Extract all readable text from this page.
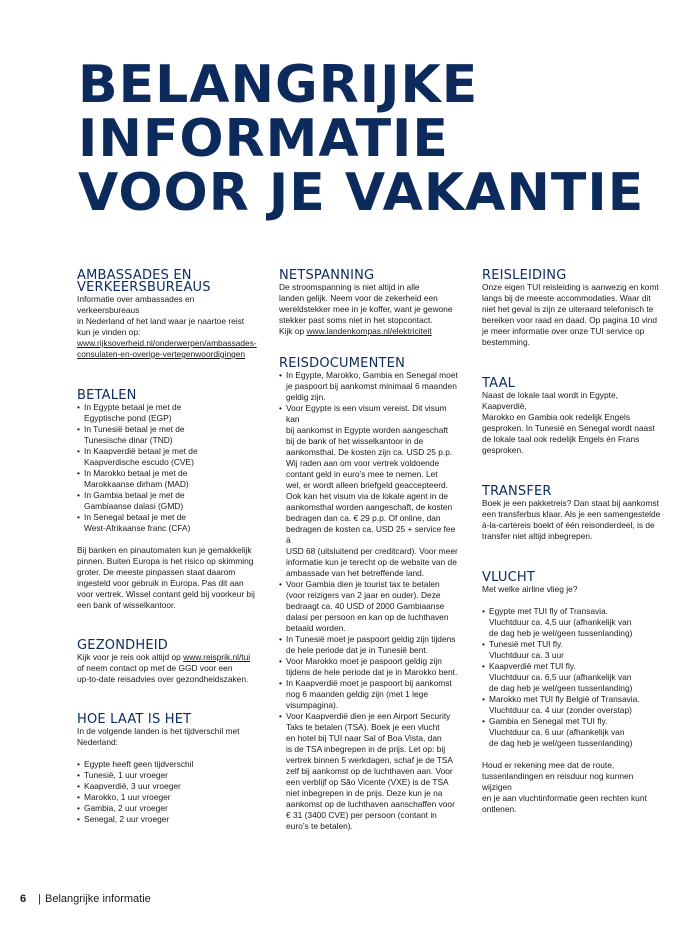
BELANGRIJKE
INFORMATIE
VOOR JE VAKANTIE
AMBASSADES EN
VERKEERSBUREAUS

Informatie over ambassades en verkeersbureaus
in Nederland of het land waar je naartoe reist
kun je vinden op:
www.rijksoverheid.nl/onderwerpen/ambassades-
consulaten-en-overige-vertegenwoordigingen

BETALEN
• In Egypte betaal je met de
Egyptische pond (EGP)
• In Tunesië betaal je met de
Tunesische dinar (TND)
• In Kaapverdië betaal je met de
Kaapverdische escudo (CVE)
• In Marokko betaal je met de
Marokkaanse dirham (MAD)
• In Gambia betaal je met de
Gambiaanse dalasi (GMD)
• In Senegal betaal je met de
West-Afrikaanse franc (CFA)

Bij banken en pinautomaten kun je gemakkelijk
pinnen. Buiten Europa is het risico op skimming
groter. De meeste pinpassen staat daarom
ingesteld voor gebruik in Europa. Pas dit aan
voor vertrek. Wissel contant geld bij voorkeur bij
een bank of wisselkantoor.

GEZONDHEID

Kijk voor je reis ook altijd op www.reisprik.nl/tui
of neem contact op met de GGD voor een
up-to-date reisadvies over gezondheidszaken.

HOE LAAT IS HET

In de volgende landen is het tijdverschil met
Nederland:

• Egypte heeft geen tijdverschil
• Tunesië, 1 uur vroeger
• Kaapverdië, 3 uur vroeger
• Marokko, 1 uur vroeger
• Gambia, 2 uur vroeger
• Senegal, 2 uur vroeger
NETSPANNING

De stroomspanning is niet altijd in alle
landen gelijk. Neem voor de zekerheid een
wereldstekker mee in je koffer, want je gewone
stekker past soms niet in het stopcontact.
Kijk op www.landenkompas.nl/elektriciteit

REISDOCUMENTEN
• In Egypte, Marokko, Gambia en Senegal moet
je paspoort bij aankomst minimaal 6 maanden
geldig zijn.
• Voor Egypte is een visum vereist. Dit visum kan
bij aankomst in Egypte worden aangeschaft
bij de bank of het wisselkantoor in de
aankomsthal. De kosten zijn ca. USD 25 p.p.
Wij raden aan om voor vertrek voldoende
contant geld in euro’s mee te nemen. Let
wel, er wordt alleen briefgeld geaccepteerd.
Ook kan het visum via de lokale agent in de
aankomsthal worden aangeschaft, de kosten
bedragen dan ca. € 29 p.p. Of online, dan
bedragen de kosten ca. USD 25 + service fee à
USD 68 (uitsluitend per creditcard). Voor meer
informatie kun je terecht op de website van de
ambassade van het betreffende land.
• Voor Gambia dien je tourist tax te betalen
(voor reizigers van 2 jaar en ouder). Deze
bedraagt ca. 40 USD of 2000 Gambiaanse
dalasi per persoon en kan op de luchthaven
betaald worden.
• In Tunesië moet je paspoort geldig zijn tijdens
de hele periode dat je in Tunesië bent.
• Voor Marokko moet je paspoort geldig zijn
tijdens de hele periode dat je in Marokko bent.
• In Kaapverdië moet je paspoort bij aankomst
nog 6 maanden geldig zijn (met 1 lege
visumpagina).
• Voor Kaapverdië dien je een Airport Security
Taks te betalen (TSA). Boek je een vlucht
en hotel bij TUI naar Sal of Boa Vista, dan
is de TSA inbegrepen in de prijs. Let op: bij
vertrek binnen 5 werkdagen, schaf je de TSA
zelf bij aankomst op de luchthaven aan. Voor
een verblijf op São Vicente (VXE) is de TSA
niet inbegrepen in de prijs. Deze kun je na
aankomst op de luchthaven aanschaffen voor
€ 31 (3400 CVE) per persoon (contant in
euro’s te betalen).
REISLEIDING

Onze eigen TUI reisleiding is aanwezig en komt
langs bij de meeste accommodaties. Waar dit
niet het geval is zijn ze uiteraard telefonisch te
bereiken voor raad en daad. Op pagina 10 vind
je meer informatie over onze TUI service op
bestemming.

TAAL

Naast de lokale taal wordt in Egypte, Kaapverdië,
Marokko en Gambia ook redelijk Engels
gesproken. In Tunesië en Senegal wordt naast
de lokale taal ook redelijk Engels én Frans
gesproken.

TRANSFER

Boek je een pakketreis? Dan staat bij aankomst
een transferbus klaar. Als je een samengestelde
à-la-cartereis boekt of één reisonderdeel, is de
transfer niet altijd inbegrepen.

VLUCHT

Met welke airline vlieg je?

• Egypte met TUI fly of Transavia.
Vluchtduur ca. 4,5 uur (afhankelijk van
de dag heb je wel/geen tussenlanding)
• Tunesië met TUI fly.
Vluchtduur ca. 3 uur
• Kaapverdië met TUI fly.
Vluchtduur ca. 6,5 uur (afhankelijk van
de dag heb je wel/geen tussenlanding)
• Marokko met TUI fly België of Transavia.
Vluchtduur ca. 4 uur (zonder overstap)
• Gambia en Senegal met TUI fly.
Vluchtduur ca. 6 uur (afhankelijk van
de dag heb je wel/geen tussenlanding)

Houd er rekening mee dat de route,
tussenlandingen en reisduur nog kunnen wijzigen
en je aan vluchtinformatie geen rechten kunt
ontlenen.

6 | Belangrijke informatie
